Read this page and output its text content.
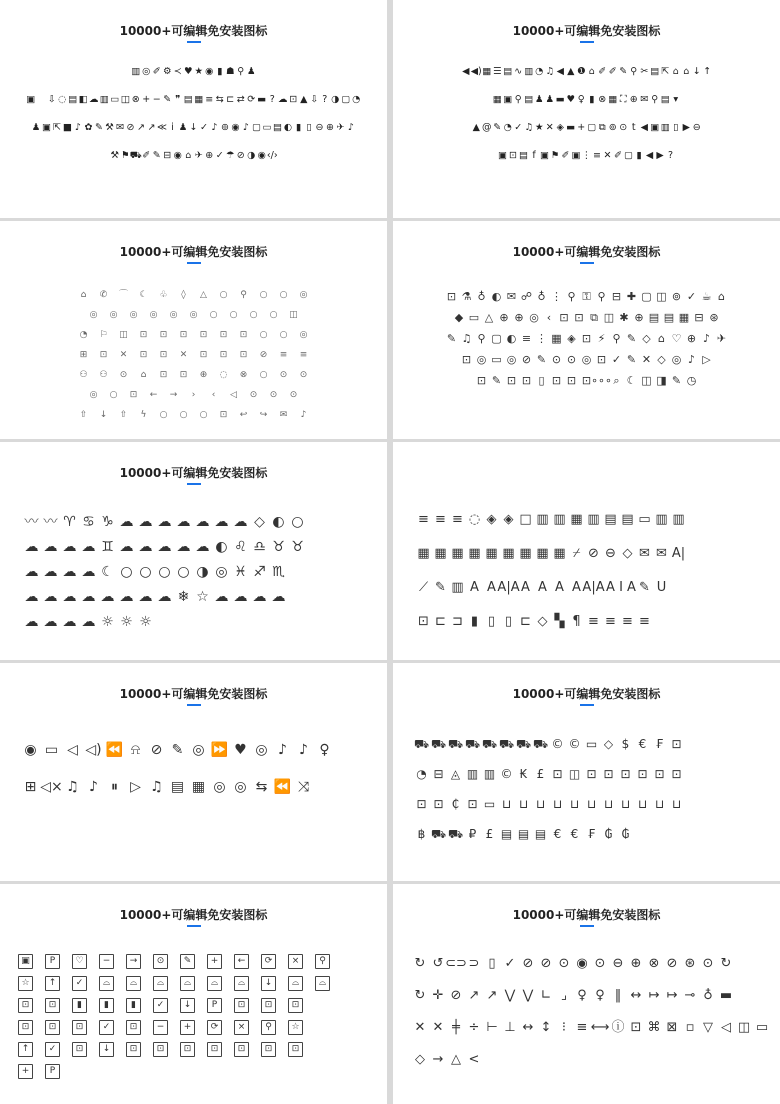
10000+可编辑免安装图标
▥ ◎ ✐ ⚙ ≺ ♥ ★ ◉ ▮ ☗ ⚲ ♟
▣ ⇩ ◌ ▤ ◧ ☁ ▥ ▭ ◫ ⊗ + − ✎ ❞ ▤ ▦ ≡ ⇆ ⊏ ⇄ ⟳ ▬ ? ☁ ⊡ ▲ ⇩ ? ◑ ▢ ◔
♟ ▣ ⇱ ■ ♪ ✿ ✎ ⚒ ✉ ⊘ ↗ ↗ ≪ i ♟ ↓ ✓ ♪ ⊚ ◉ ♪ ▢ ▭ ▤ ◐ ▮ ▯ ⊖ ⊕ ✈ ♪
⚒ ⚑ ⛟ ✐ ✎ ⊟ ◉ ⌂ ✈ ⊕ ✓ ☂ ⊘ ◑ ◉ ‹/›
10000+可编辑免安装图标
◀ ◀) ▦ ☰ ▤ ∿ ▥ ◔ ♫ ◀ ▲ ❶ ⌂ ✐ ✐ ✎ ⚲ ✂ ▤ ⇱ ⌂ ⌂ ↓ ↑
▦ ▣ ⚲ ▤ ♟ ♟ ▬ ♥ ♀ ▮ ⊗ ▦ ⛶ ⊕ ✉ ⚲ ▤ ▾
▲ @ ✎ ◔ ✓ ♫ ★ ✕ ◈ ▬ + ▢ ⧉ ⊚ ⊙ t ◀ ▣ ▥ ▯ ▶ ⊖
▣ ⊡ ▤ f ▣ ⚑ ✐ ▣ ⋮ ≡ ✕ ✐ ▢ ▮ ◀ ▶ ?
10000+可编辑免安装图标
⌂	✆	⌒	☾	♧	◊	△	○	⚲	○	○	◎
◎	◎	◎	◎	◎	◎	○	○	○	○	◫
◔	⚐	◫	⊡	⊡	⊡	⊡	⊡	⊡	○	○	◎
⊞	⊡	✕	⊡	⊡	✕	⊡	⊡	⊡	⊘	≡	≡
⚇	⚇	⊙	⌂	⊡	⊡	⊕	◌	⊗	○	⊙	⊙
◎	○	⊡	←	→	›	‹	◁	⊙	⊙	⊙
⇧	↓	⇧	ϟ	○	○	○	⊡	↩	↪	✉	♪
10000+可编辑免安装图标
⊡ ⚗ ♁ ◐ ✉ ☍ ♁ ⋮ ⚲ ⚿ ⚲ ⊟ ✚ ▢ ◫ ⊚ ✓ ☕ ⌂
◆ ▭ △ ⊕ ⊕ ◎ ‹ ⊡ ⊡ ⧉ ◫ ✱ ⊕ ▤ ▤ ▦ ⊟ ⊛
✎ ♫ ⚲ ▢ ◐ ≡ ⋮ ▦ ◈ ⊡ ⚡ ⚲ ✎ ◇ ⌂ ♡ ⊕ ♪ ✈
⊡ ◎ ▭ ◎ ⊘ ✎ ⊙ ⊙ ◎ ⊡ ✓ ✎ ✕ ◇ ◎ ♪ ▷
⊡ ✎ ⊡ ⊡ ▯ ⊡ ⊡ ⊡ ∘∘∘ ⌕ ☾ ◫ ◨ ✎ ◷
10000+可编辑免安装图标
〰 〰 ♈ ♋ ♑ ☁ ☁ ☁ ☁ ☁ ☁ ☁ ◇ ◐ ○
☁ ☁ ☁ ☁ ♊ ☁ ☁ ☁ ☁ ☁ ◐ ♌ ♎ ♉ ♉
☁ ☁ ☁ ☁ ☾ ○ ○ ○ ○ ◑ ◎ ♓ ♐ ♏
☁ ☁ ☁ ☁ ☁ ☁ ☁ ☁ ❄ ☆ ☁ ☁ ☁ ☁
☁ ☁ ☁ ☁ ☼ ☼ ☼
≡ ≡ ≡ ◌ ◈ ◈ □ ▥ ▥ ▦ ▥ ▤ ▤ ▭ ▥ ▥
▦ ▦ ▦ ▦ ▦ ▦ ▦ ▦ ▦ ⌿ ⊘ ⊖ ◇ ✉ ✉ A|
⟋ ✎ ▥ A A A|A A A A A A|A A I A ✎ U
⊡ ⊏ ⊐ ▮ ▯ ▯ ⊏ ◇ ▚ ¶ ≡ ≡ ≡ ≡
10000+可编辑免安装图标
◉ ▭ ◁ ◁) ⏪ ⍾ ⊘ ✎ ◎ ⏩ ♥ ◎ ♪ ♪ ♀
⊞ ◁× ♫ ♪ ⏸ ▷ ♫ ▤ ▦ ◎ ◎ ⇆ ⏪ ⤨
10000+可编辑免安装图标
⛟ ⛟ ⛟ ⛟ ⛟ ⛟ ⛟ ⛟ © © ▭ ◇ $ € ₣ ⊡
◔ ⊟ ◬ ▥ ▥ © ₭ £ ⊡ ◫ ⊡ ⊡ ⊡ ⊡ ⊡ ⊡
⊡ ⊡ ₵ ⊡ ▭ ⊔ ⊔ ⊔ ⊔ ⊔ ⊔ ⊔ ⊔ ⊔ ⊔ ⊔
฿ ⛟ ⛟ ₽ £ ▤ ▤ ▤ € € ₣ ₲ ₲
10000+可编辑免安装图标
▣	P	♡	−	→	⊙	✎	+	←	⟳	×	⚲
☆	↑	✓	⌓	⌓	⌓	⌓	⌓	⌓	↓	⌓	⌓
⊡	⊡	▮	▮	▮	✓	↓	P	⊡	⊡	⊡
⊡	⊡	⊡	✓	⊡	−	+	⟳	×	⚲	☆
↑	✓	⊡	↓	⊡	⊡	⊡	⊡	⊡	⊡	⊡
+	P
10000+可编辑免安装图标
↻ ↺ ⊂⊃ ⊃ ▯ ✓ ⊘ ⊘ ⊙ ◉ ⊙ ⊖ ⊕ ⊗ ⊘ ⊛ ⊙ ↻
↻ ✛ ⊘ ↗ ↗ ⋁ ⋁ ∟ ⌟ ♀ ♀ ‖ ↔ ↦ ↦ ⊸ ♁ ▬
✕ ✕ ╪ ÷ ⊢ ⊥ ↔ ↕ ⁝ ≡ ⟷ ⓘ ⊡ ⌘ ⊠ ▫ ▽ ◁ ◫ ▭
◇ → △ <
